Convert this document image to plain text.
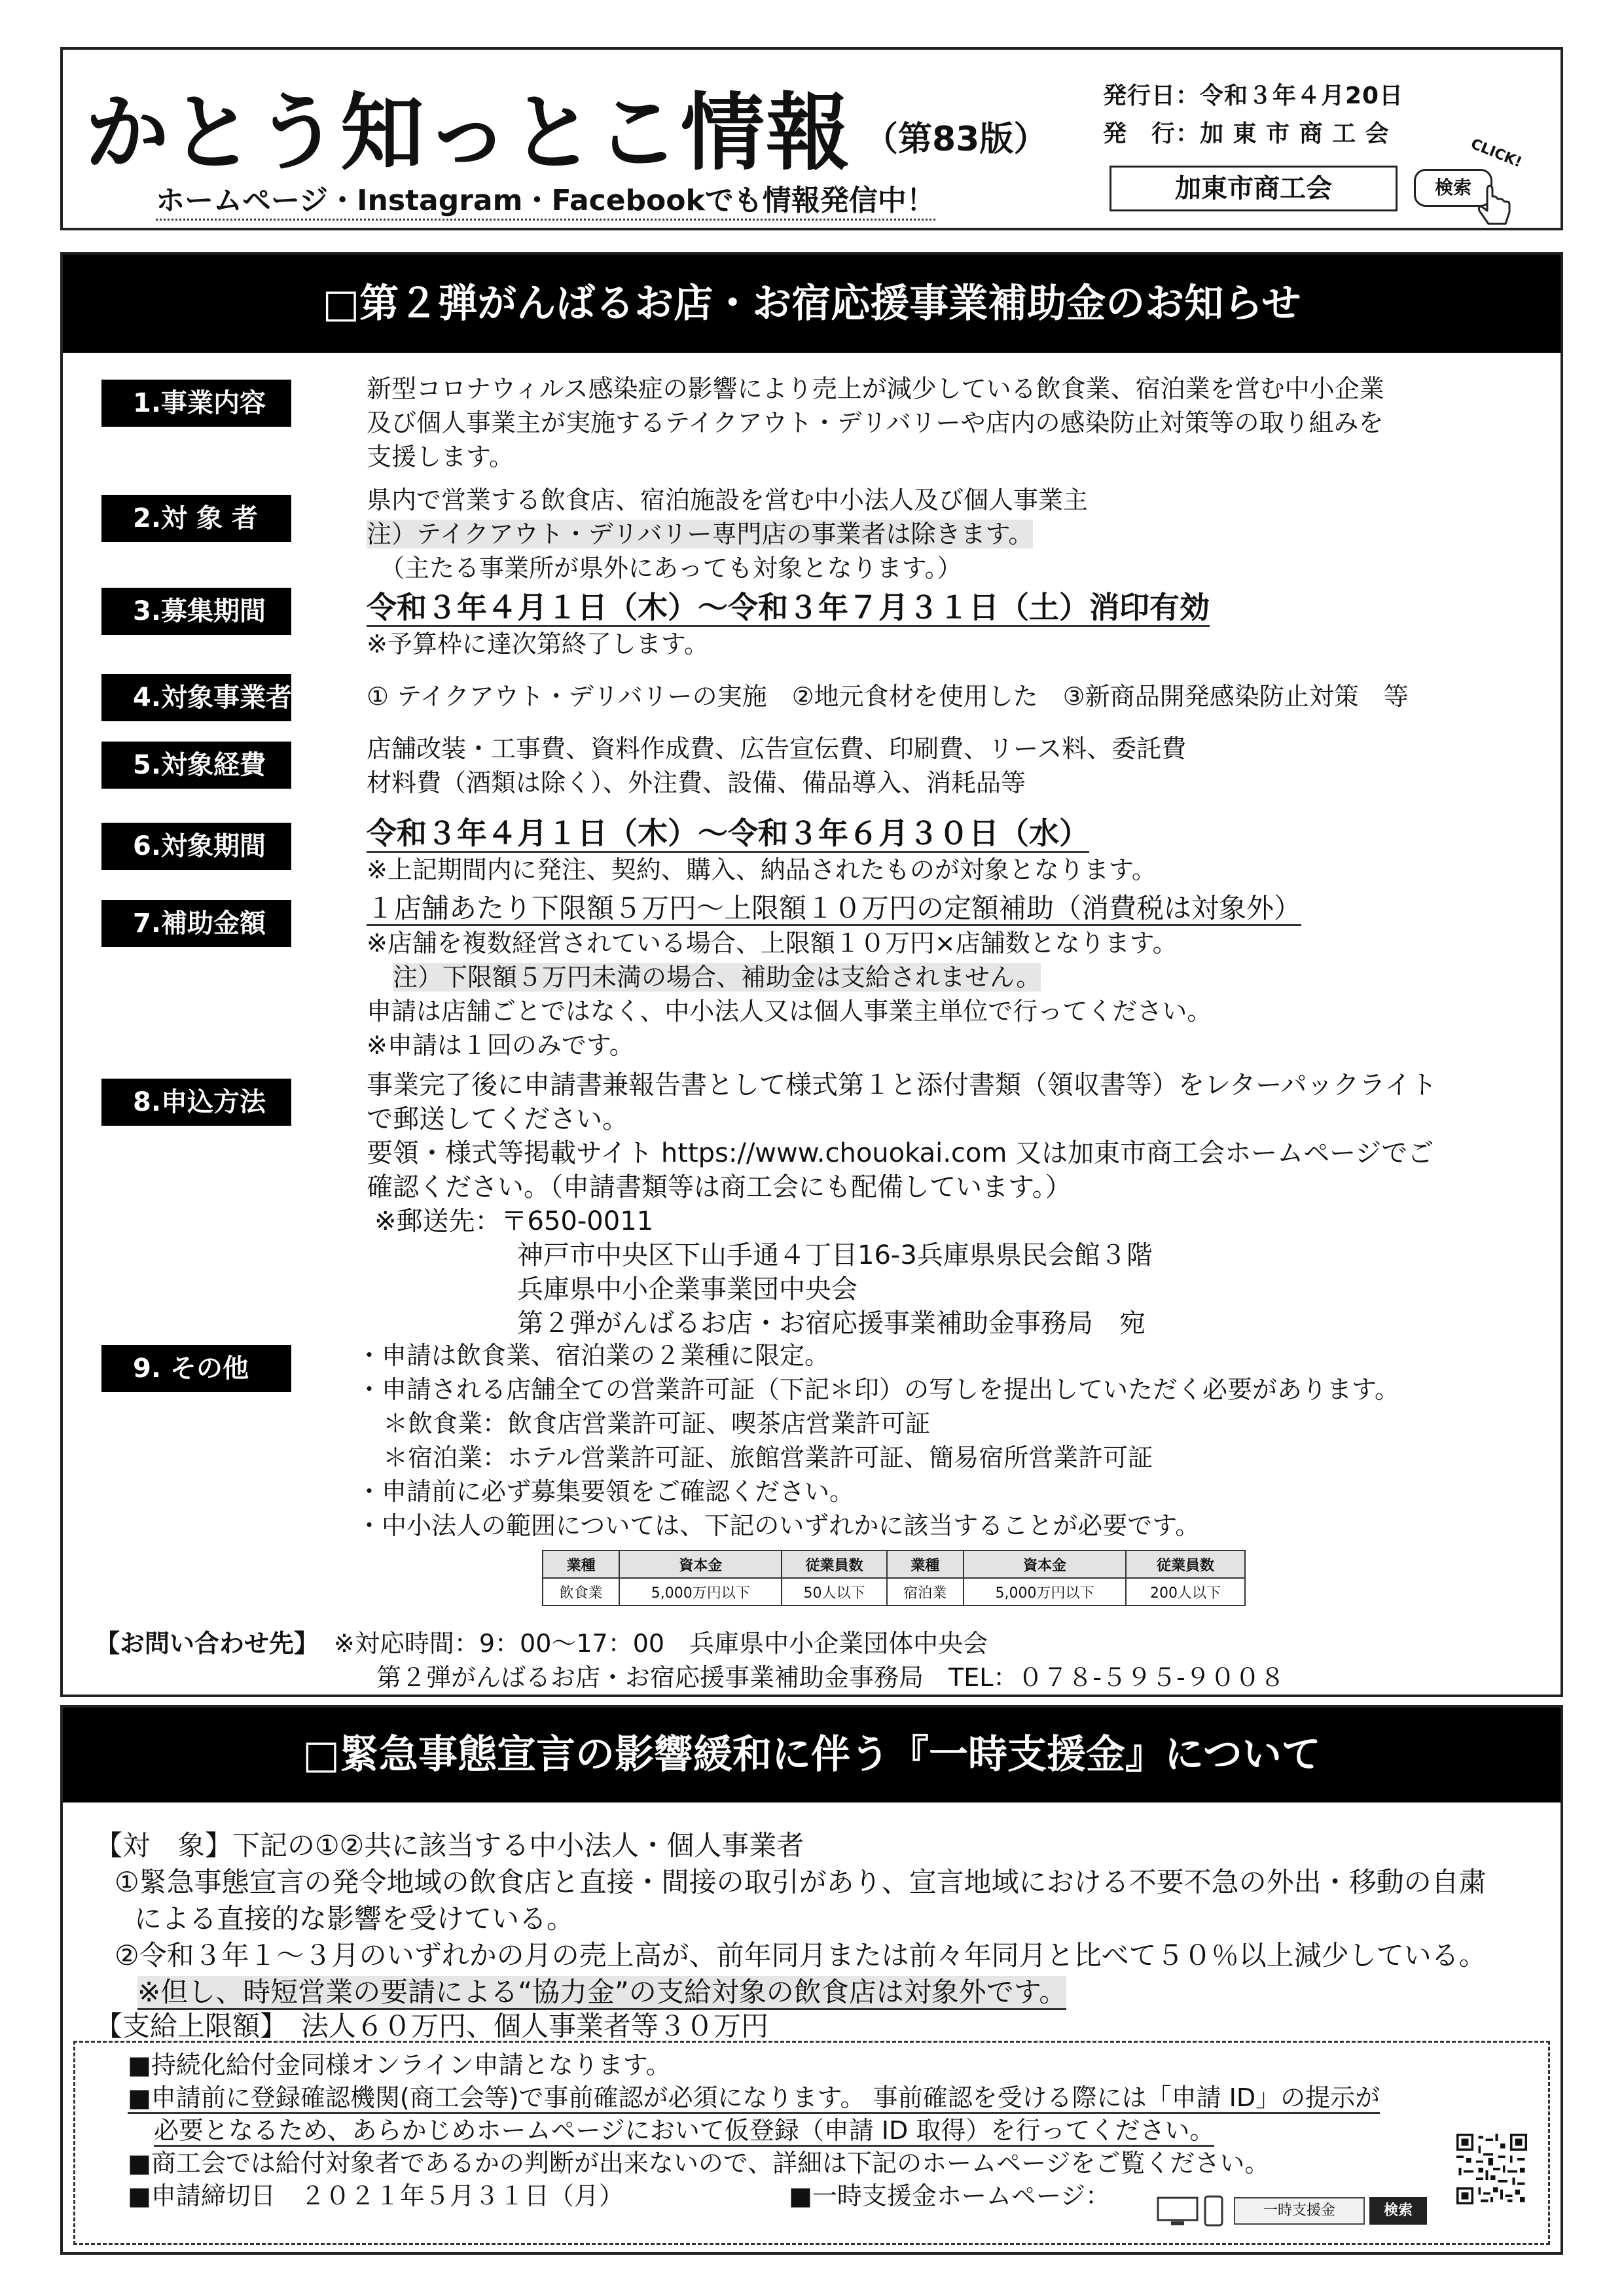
かとう知っとこ情報 （第83版）
ホームページ・Instagram・Facebookでも情報発信中！
発行日：令和３年４月20日
発　行：加 東 市 商 工 会
加東市商工会	検索
CLICK!
□第２弾がんばるお店・お宿応援事業補助金のお知らせ
1.事業内容	新型コロナウィルス感染症の影響により売上が減少している飲食業、宿泊業を営む中小企業
及び個人事業主が実施するテイクアウト・デリバリーや店内の感染防止対策等の取り組みを
支援します。
2.対 象 者
県内で営業する飲食店、宿泊施設を営む中小法人及び個人事業主
注）テイクアウト・デリバリー専門店の事業者は除きます。
（主たる事業所が県外にあっても対象となります。）
3.募集期間	令和３年４月１日（木）～令和３年７月３１日（土）消印有効
※予算枠に達次第終了します。
4.対象事業者	① テイクアウト・デリバリーの実施　②地元食材を使用した　③新商品開発感染防止対策　等
5.対象経費
店舗改装・工事費、資料作成費、広告宣伝費、印刷費、リース料、委託費
材料費（酒類は除く）、外注費、設備、備品導入、消耗品等
6.対象期間	令和３年４月１日（木）～令和３年６月３０日（水）
※上記期間内に発注、契約、購入、納品されたものが対象となります。
7.補助金額	１店舗あたり下限額５万円～上限額１０万円の定額補助（消費税は対象外）
※店舗を複数経営されている場合、上限額１０万円×店舗数となります。
注）下限額５万円未満の場合、補助金は支給されません。
申請は店舗ごとではなく、中小法人又は個人事業主単位で行ってください。
※申請は１回のみです。
8.申込方法
事業完了後に申請書兼報告書として様式第１と添付書類（領収書等）をレターパックライト
で郵送してください。
要領・様式等掲載サイト https://www.chouokai.com 又は加東市商工会ホームページでご
確認ください。（申請書類等は商工会にも配備しています。）
※郵送先：〒650-0011
神戸市中央区下山手通４丁目16-3兵庫県県民会館３階
兵庫県中小企業事業団中央会
第２弾がんばるお店・お宿応援事業補助金事務局　宛
9. その他	・申請は飲食業、宿泊業の２業種に限定。
・申請される店舗全ての営業許可証（下記＊印）の写しを提出していただく必要があります。
＊飲食業：飲食店営業許可証、喫茶店営業許可証
＊宿泊業：ホテル営業許可証、旅館営業許可証、簡易宿所営業許可証
・申請前に必ず募集要領をご確認ください。
・中小法人の範囲については、下記のいずれかに該当することが必要です。
業種	資本金	従業員数	業種	資本金	従業員数
飲食業	5,000万円以下	50人以下	宿泊業	5,000万円以下	200人以下
【お問い合わせ先】 ※対応時間：9：00～17：00　兵庫県中小企業団体中央会
第２弾がんばるお店・お宿応援事業補助金事務局　TEL：０７８-５９５-９００８
□緊急事態宣言の影響緩和に伴う『一時支援金』について
【対　象】下記の①②共に該当する中小法人・個人事業者
①緊急事態宣言の発令地域の飲食店と直接・間接の取引があり、宣言地域における不要不急の外出・移動の自粛
による直接的な影響を受けている。
②令和３年１～３月のいずれかの月の売上高が、前年同月または前々年同月と比べて５０％以上減少している。
※但し、時短営業の要請による“協力金”の支給対象の飲食店は対象外です。
【支給上限額】　法人６０万円、個人事業者等３０万円
■持続化給付金同様オンライン申請となります。
■申請前に登録確認機関(商工会等)で事前確認が必須になります。 事前確認を受ける際には「申請 ID」の提示が
必要となるため、あらかじめホームページにおいて仮登録（申請 ID 取得）を行ってください。
■商工会では給付対象者であるかの判断が出来ないので、詳細は下記のホームページをご覧ください。
■申請締切日　２０２１年５月３１日（月）	■一時支援金ホームページ：
一時支援金	検索
